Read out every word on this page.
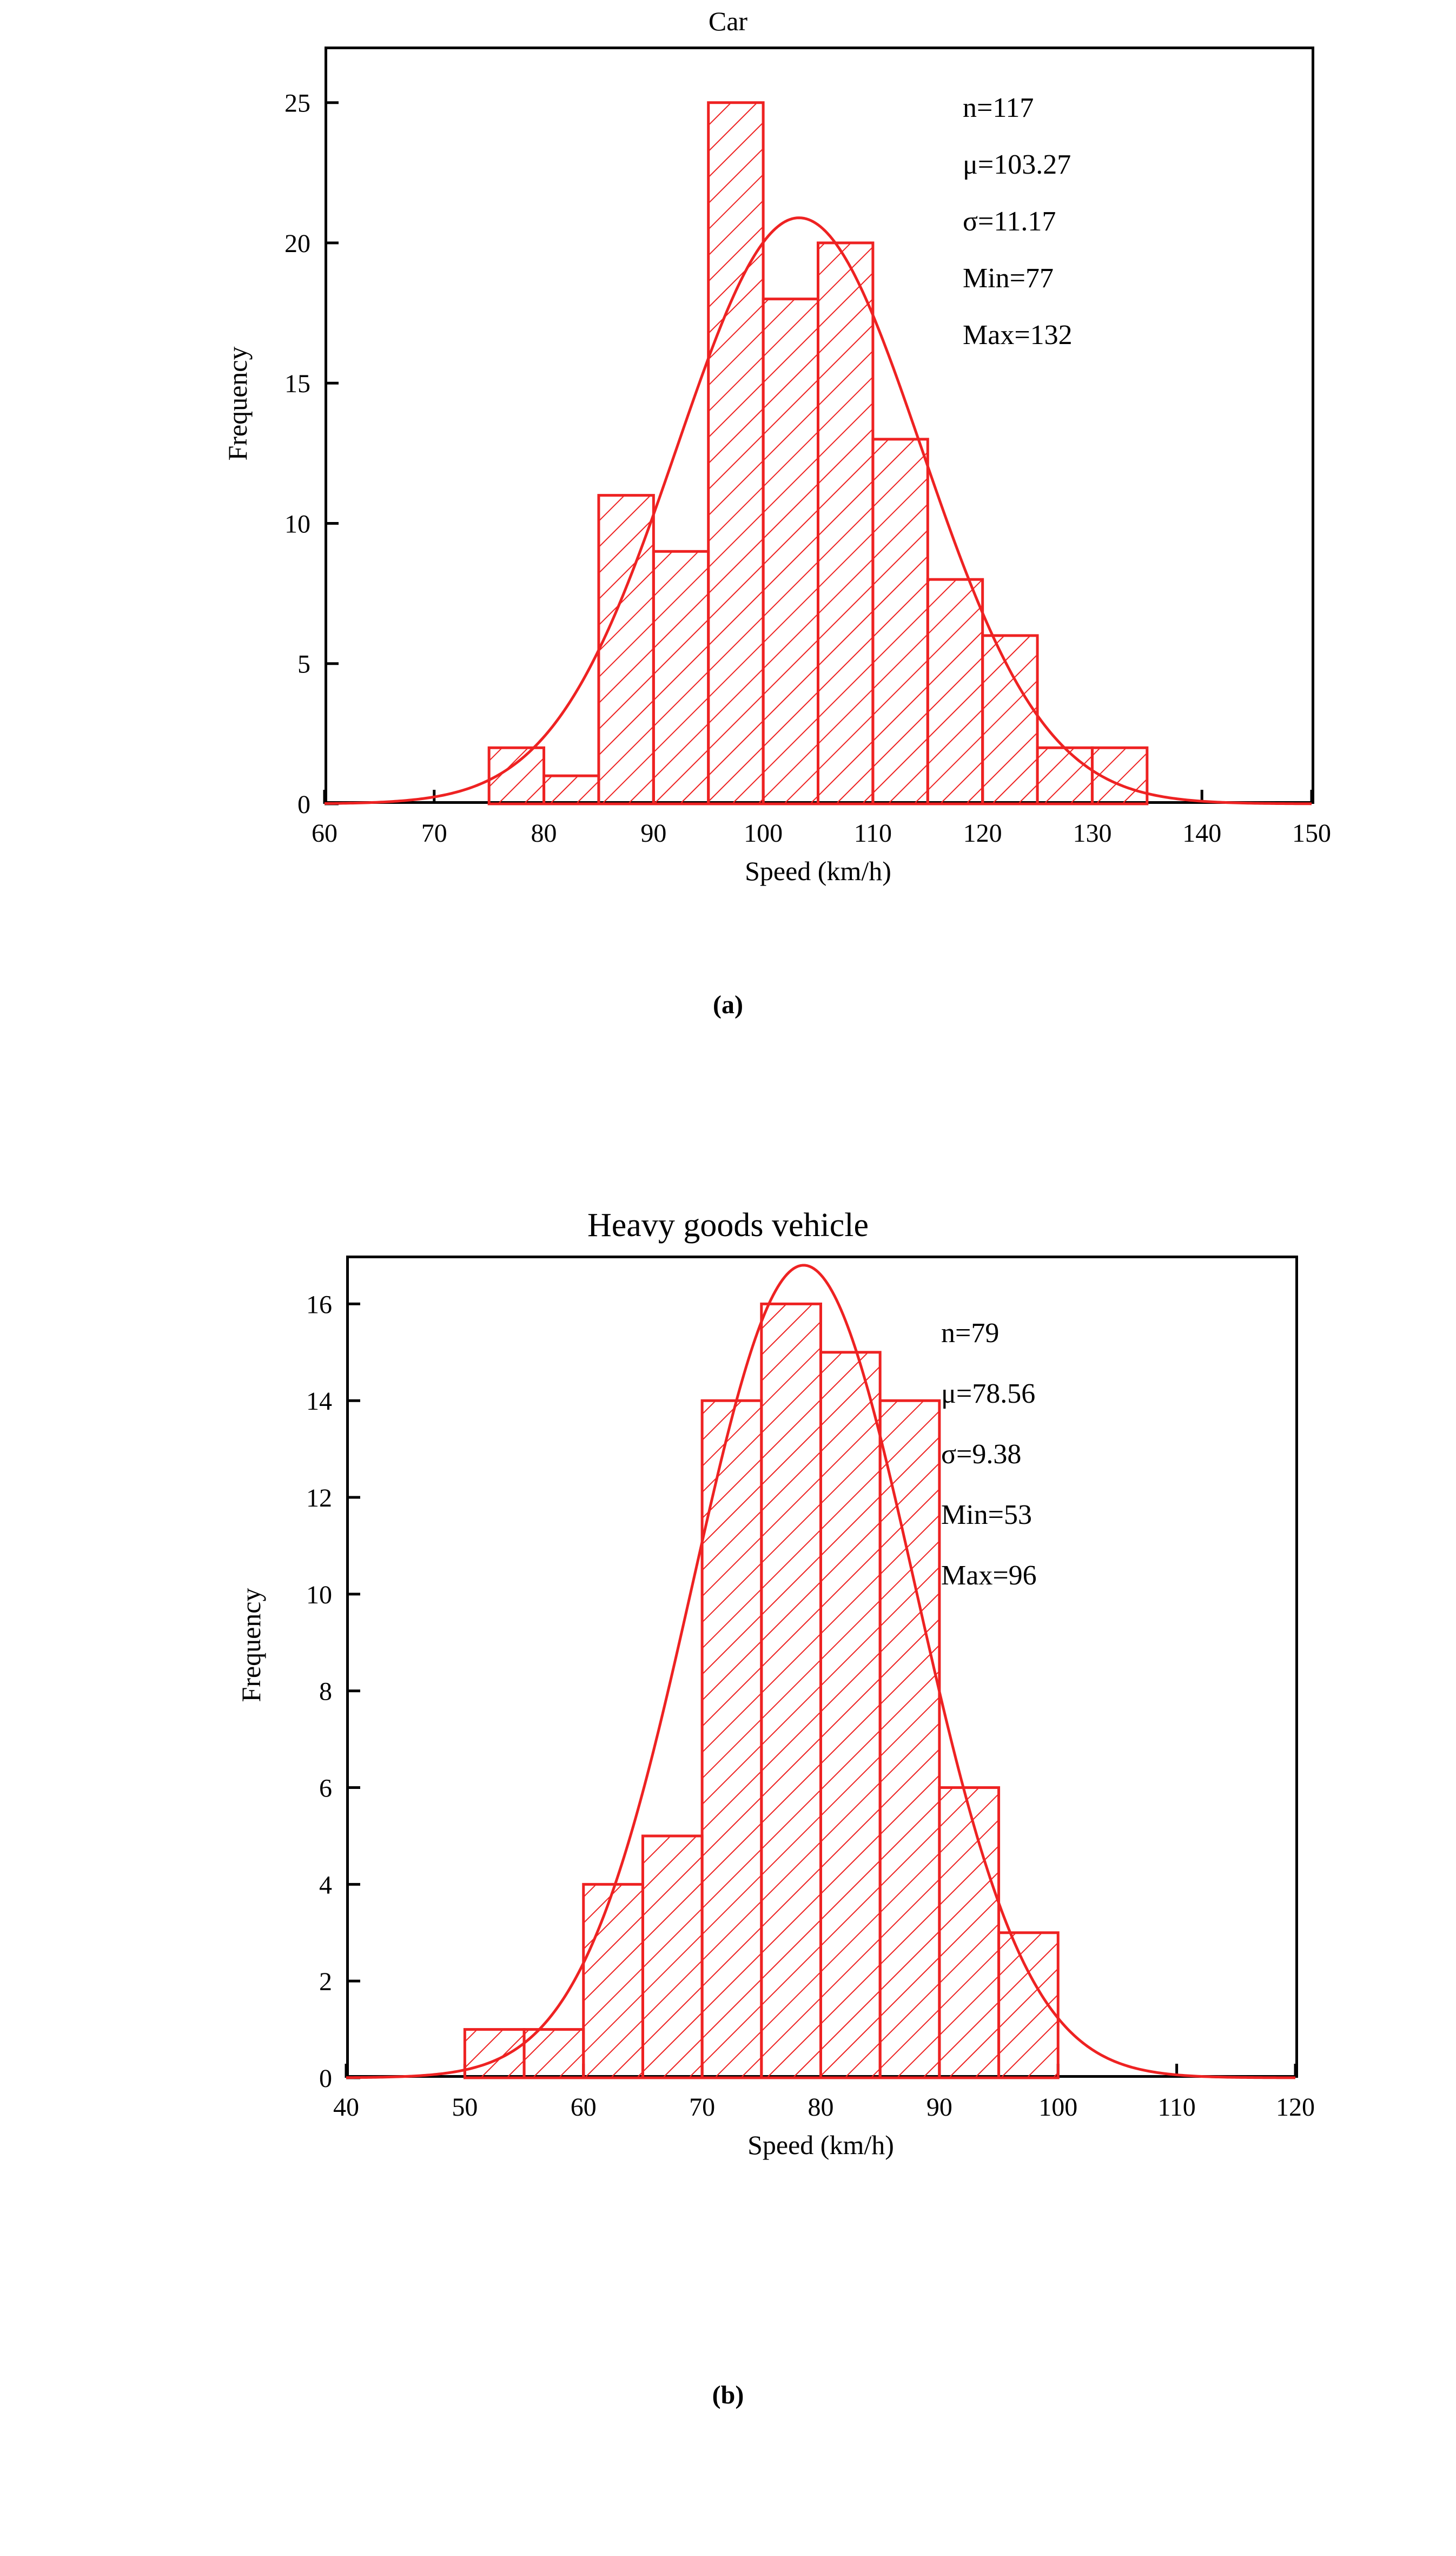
Car
60	70	80	90	100	110	120	130	140	150
0
5
10
15
20
25	n=117
μ=103.27
σ=11.17
Min=77
Max=132
Frequency
Speed (km/h)
(a)
Heavy goods vehicle
40	50	60	70	80	90	100	110	120
0
2
4
6
8
10
12
14
16
n=79
μ=78.56
σ=9.38
Min=53
Max=96
Frequency
Speed (km/h)
(b)
